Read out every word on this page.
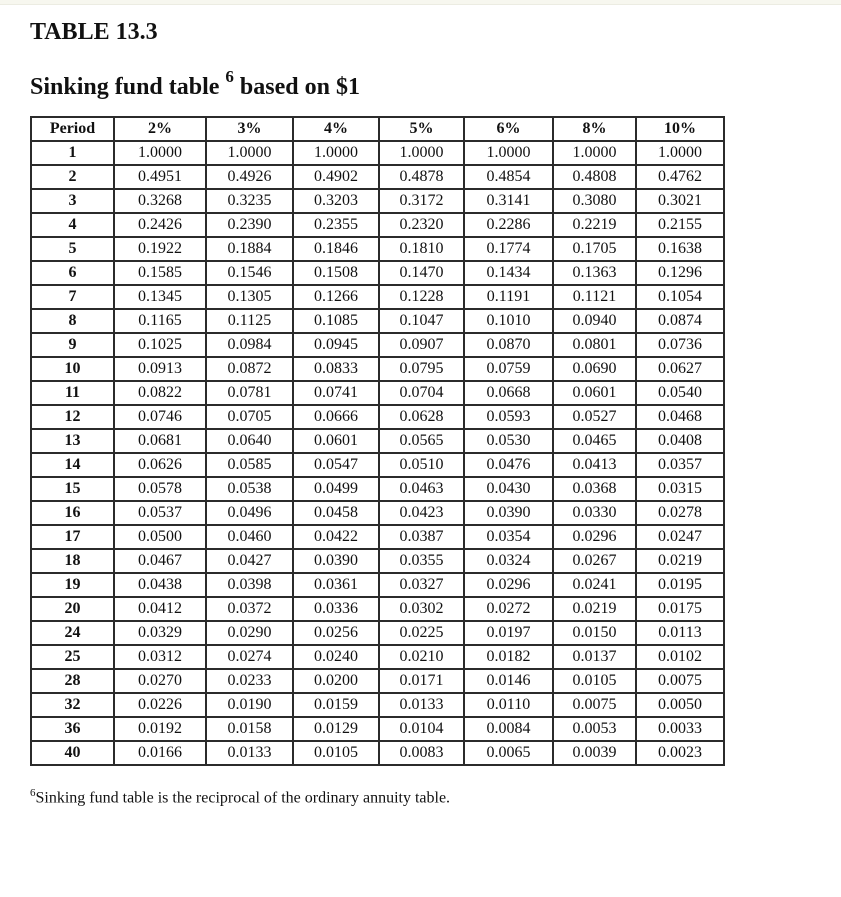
TABLE 13.3
Sinking fund table $^6$ based on $1
Period	2%	3%	4%	5%	6%	8%	10%
1	1.0000	1.0000	1.0000	1.0000	1.0000	1.0000	1.0000
2	0.4951	0.4926	0.4902	0.4878	0.4854	0.4808	0.4762
3	0.3268	0.3235	0.3203	0.3172	0.3141	0.3080	0.3021
4	0.2426	0.2390	0.2355	0.2320	0.2286	0.2219	0.2155
5	0.1922	0.1884	0.1846	0.1810	0.1774	0.1705	0.1638
6	0.1585	0.1546	0.1508	0.1470	0.1434	0.1363	0.1296
7	0.1345	0.1305	0.1266	0.1228	0.1191	0.1121	0.1054
8	0.1165	0.1125	0.1085	0.1047	0.1010	0.0940	0.0874
9	0.1025	0.0984	0.0945	0.0907	0.0870	0.0801	0.0736
10	0.0913	0.0872	0.0833	0.0795	0.0759	0.0690	0.0627
11	0.0822	0.0781	0.0741	0.0704	0.0668	0.0601	0.0540
12	0.0746	0.0705	0.0666	0.0628	0.0593	0.0527	0.0468
13	0.0681	0.0640	0.0601	0.0565	0.0530	0.0465	0.0408
14	0.0626	0.0585	0.0547	0.0510	0.0476	0.0413	0.0357
15	0.0578	0.0538	0.0499	0.0463	0.0430	0.0368	0.0315
16	0.0537	0.0496	0.0458	0.0423	0.0390	0.0330	0.0278
17	0.0500	0.0460	0.0422	0.0387	0.0354	0.0296	0.0247
18	0.0467	0.0427	0.0390	0.0355	0.0324	0.0267	0.0219
19	0.0438	0.0398	0.0361	0.0327	0.0296	0.0241	0.0195
20	0.0412	0.0372	0.0336	0.0302	0.0272	0.0219	0.0175
24	0.0329	0.0290	0.0256	0.0225	0.0197	0.0150	0.0113
25	0.0312	0.0274	0.0240	0.0210	0.0182	0.0137	0.0102
28	0.0270	0.0233	0.0200	0.0171	0.0146	0.0105	0.0075
32	0.0226	0.0190	0.0159	0.0133	0.0110	0.0075	0.0050
36	0.0192	0.0158	0.0129	0.0104	0.0084	0.0053	0.0033
40	0.0166	0.0133	0.0105	0.0083	0.0065	0.0039	0.0023
$^6$Sinking fund table is the reciprocal of the ordinary annuity table.
